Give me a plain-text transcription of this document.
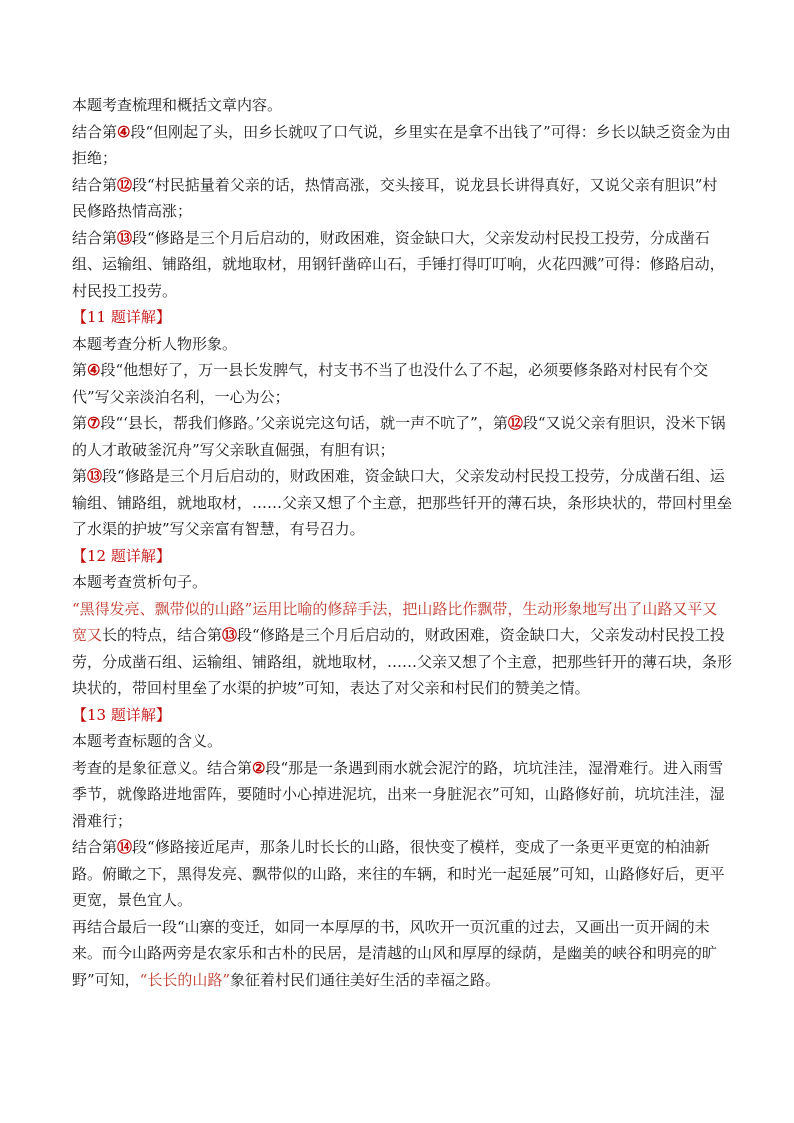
本题考查梳理和概括文章内容。

结合第④段“但刚起了头，田乡长就叹了口气说，乡里实在是拿不出钱了”可得：乡长以缺乏资金为由拒绝；

结合第⑫段“村民掂量着父亲的话，热情高涨，交头接耳，说龙县长讲得真好，又说父亲有胆识”村民修路热情高涨；

结合第⑬段“修路是三个月后启动的，财政困难，资金缺口大，父亲发动村民投工投劳，分成凿石组、运输组、铺路组，就地取材，用钢钎凿碎山石，手锤打得叮叮响，火花四溅”可得：修路启动，村民投工投劳。

【11 题详解】

本题考查分析人物形象。

第④段“他想好了，万一县长发脾气，村支书不当了也没什么了不起，必须要修条路对村民有个交代”写父亲淡泊名利，一心为公；

第⑦段“‘县长，帮我们修路。’父亲说完这句话，就一声不吭了”，第⑫段“又说父亲有胆识，没米下锅的人才敢破釜沉舟”写父亲耿直倔强，有胆有识；

第⑬段“修路是三个月后启动的，财政困难，资金缺口大，父亲发动村民投工投劳，分成凿石组、运输组、铺路组，就地取材，……父亲又想了个主意，把那些钎开的薄石块，条形块状的，带回村里垒了水渠的护坡”写父亲富有智慧，有号召力。

【12 题详解】

本题考查赏析句子。

“黑得发亮、飘带似的山路”运用比喻的修辞手法，把山路比作飘带，生动形象地写出了山路又平又宽又长的特点，结合第⑬段“修路是三个月后启动的，财政困难，资金缺口大，父亲发动村民投工投劳，分成凿石组、运输组、铺路组，就地取材，……父亲又想了个主意，把那些钎开的薄石块，条形块状的，带回村里垒了水渠的护坡”可知，表达了对父亲和村民们的赞美之情。

【13 题详解】

本题考查标题的含义。

考查的是象征意义。结合第②段“那是一条遇到雨水就会泥泞的路，坑坑洼洼，湿滑难行。进入雨雪季节，就像路进地雷阵，要随时小心掉进泥坑，出来一身脏泥衣”可知，山路修好前，坑坑洼洼，湿滑难行；

结合第⑭段“修路接近尾声，那条儿时长长的山路，很快变了模样，变成了一条更平更宽的柏油新路。俯瞰之下，黑得发亮、飘带似的山路，来往的车辆，和时光一起延展”可知，山路修好后，更平更宽，景色宜人。

再结合最后一段“山寨的变迁，如同一本厚厚的书，风吹开一页沉重的过去，又画出一页开阔的未来。而今山路两旁是农家乐和古朴的民居，是清越的山风和厚厚的绿荫，是幽美的峡谷和明亮的旷野”可知，“长长的山路”象征着村民们通往美好生活的幸福之路。
